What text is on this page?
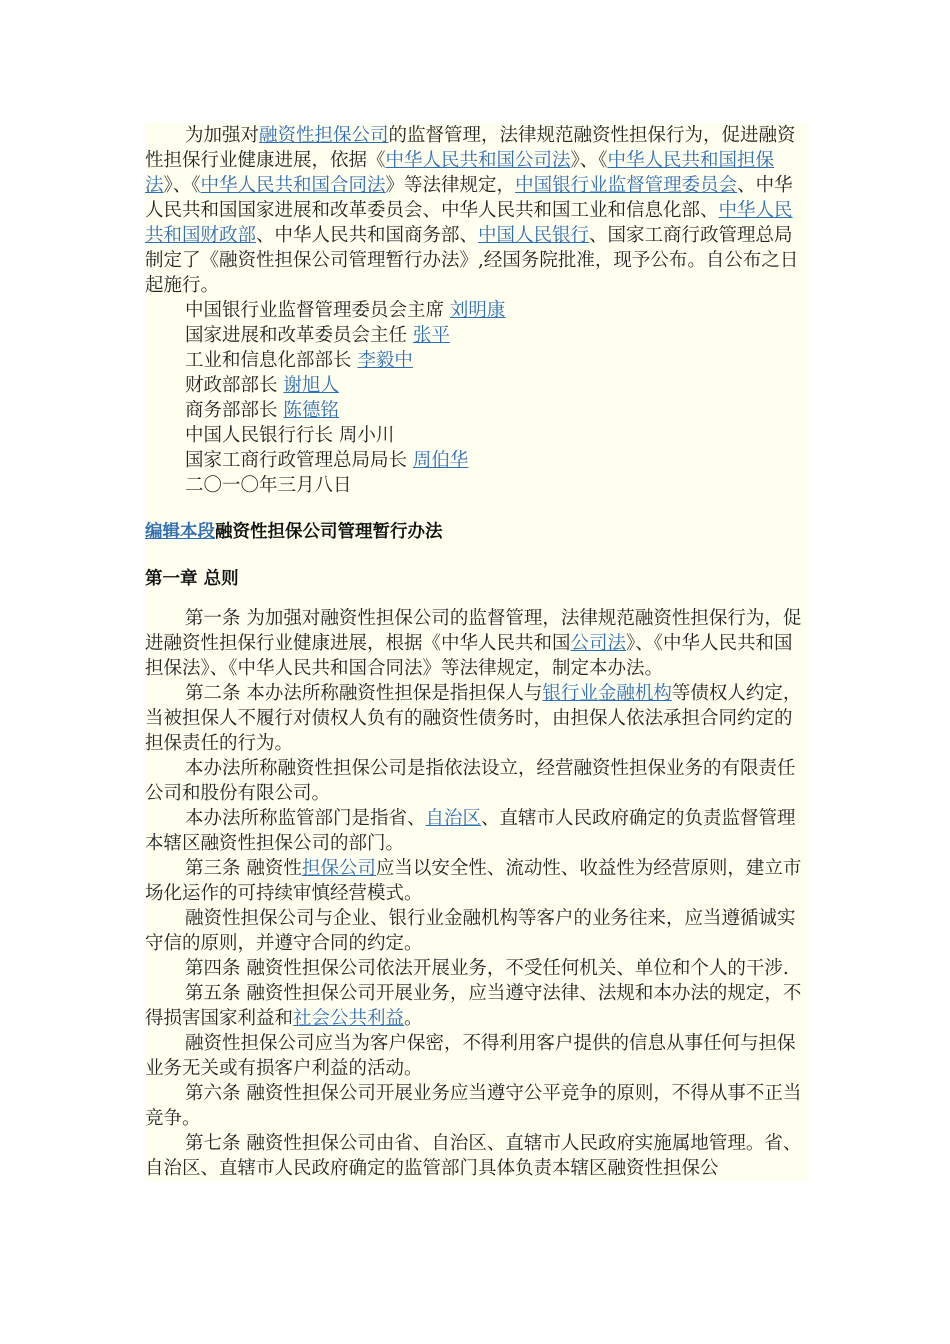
为加强对融资性担保公司的监督管理，法律规范融资性担保行为，促进融资性担保行业健康进展，依据《中华人民共和国公司法》、《中华人民共和国担保法》、《中华人民共和国合同法》等法律规定，中国银行业监督管理委员会、中华人民共和国国家进展和改革委员会、中华人民共和国工业和信息化部、中华人民共和国财政部、中华人民共和国商务部、中国人民银行、国家工商行政管理总局制定了《融资性担保公司管理暂行办法》,经国务院批准，现予公布。自公布之日起施行。

中国银行业监督管理委员会主席 刘明康

国家进展和改革委员会主任 张平

工业和信息化部部长 李毅中

财政部部长 谢旭人

商务部部长 陈德铭

中国人民银行行长 周小川

国家工商行政管理总局局长 周伯华

二〇一〇年三月八日

编辑本段融资性担保公司管理暂行办法
第一章 总则

第一条 为加强对融资性担保公司的监督管理，法律规范融资性担保行为，促进融资性担保行业健康进展，根据《中华人民共和国公司法》、《中华人民共和国担保法》、《中华人民共和国合同法》等法律规定，制定本办法。

第二条 本办法所称融资性担保是指担保人与银行业金融机构等债权人约定，当被担保人不履行对债权人负有的融资性债务时，由担保人依法承担合同约定的担保责任的行为。

本办法所称融资性担保公司是指依法设立，经营融资性担保业务的有限责任公司和股份有限公司。

本办法所称监管部门是指省、自治区、直辖市人民政府确定的负责监督管理本辖区融资性担保公司的部门。

第三条 融资性担保公司应当以安全性、流动性、收益性为经营原则，建立市场化运作的可持续审慎经营模式。

融资性担保公司与企业、银行业金融机构等客户的业务往来，应当遵循诚实守信的原则，并遵守合同的约定。

第四条 融资性担保公司依法开展业务，不受任何机关、单位和个人的干涉.

第五条 融资性担保公司开展业务，应当遵守法律、法规和本办法的规定，不得损害国家利益和社会公共利益。

融资性担保公司应当为客户保密，不得利用客户提供的信息从事任何与担保业务无关或有损客户利益的活动。

第六条 融资性担保公司开展业务应当遵守公平竞争的原则，不得从事不正当竞争。

第七条 融资性担保公司由省、自治区、直辖市人民政府实施属地管理。省、自治区、直辖市人民政府确定的监管部门具体负责本辖区融资性担保公
